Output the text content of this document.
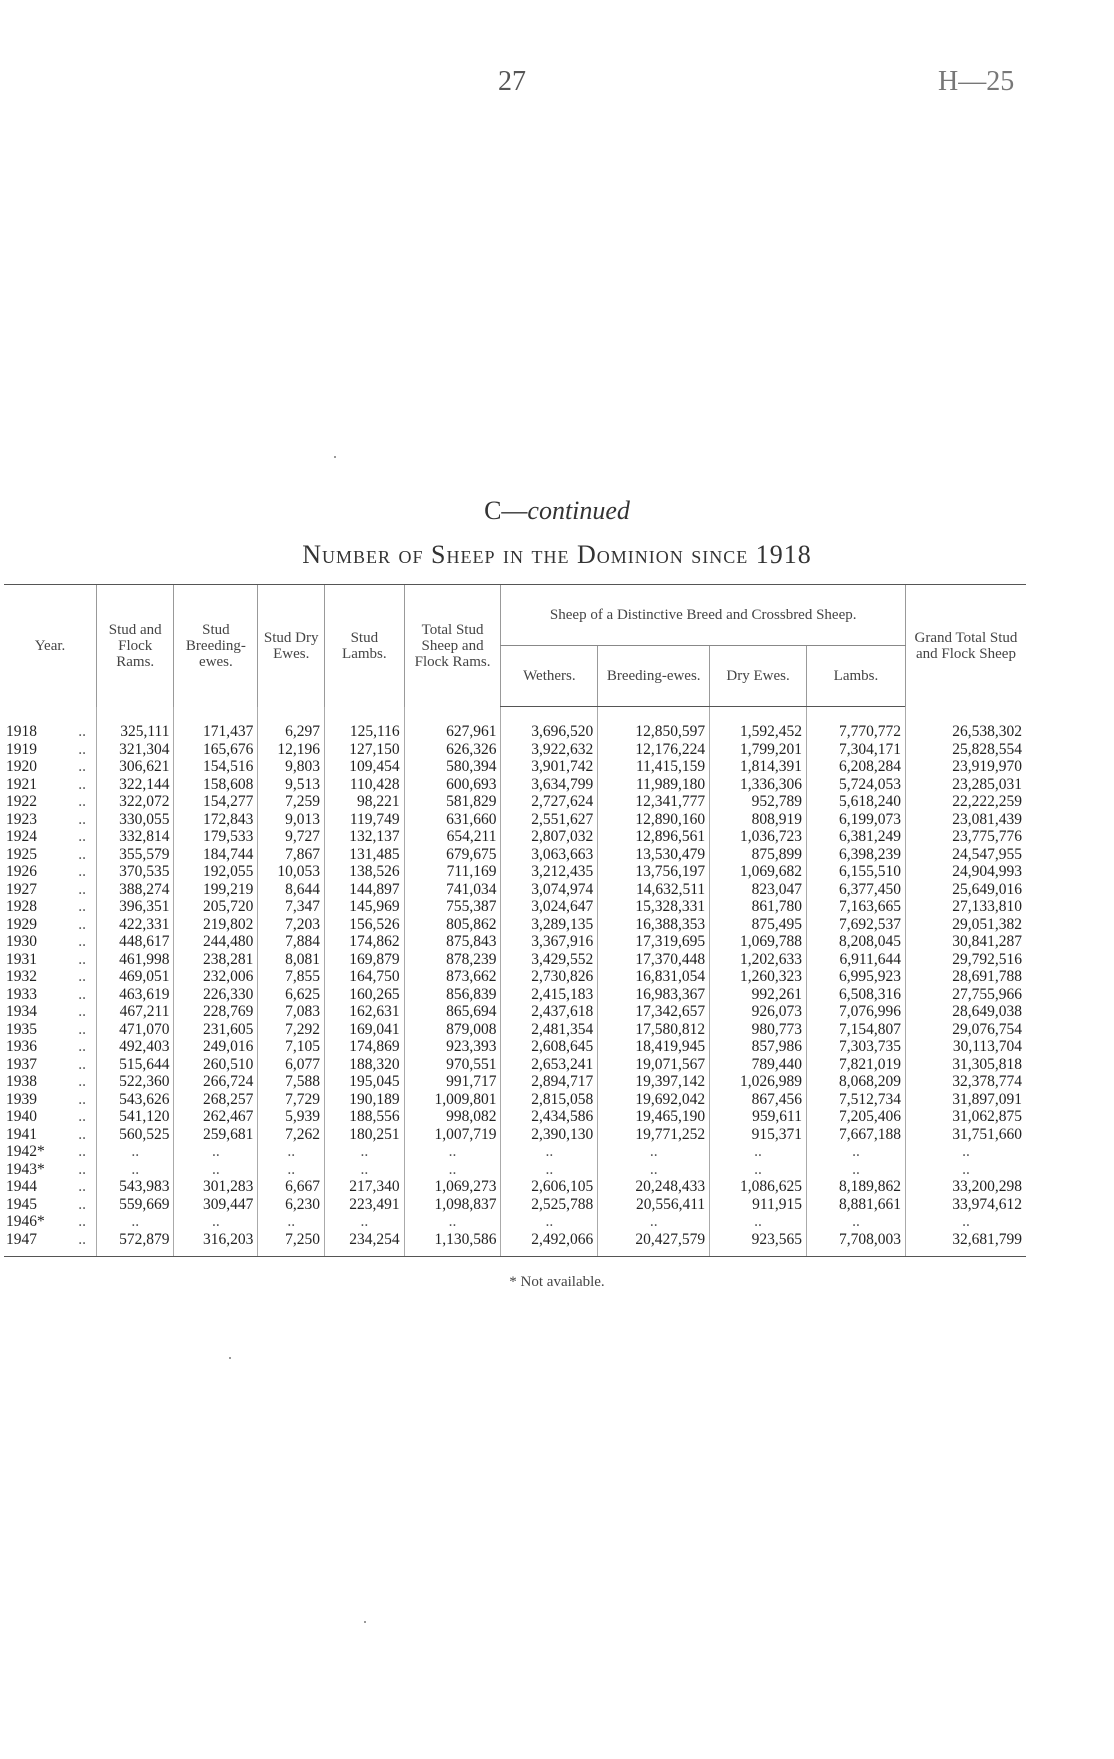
27	H—25
C—continued
Number of Sheep in the Dominion since 1918
Year.	Stud and Flock Rams.	Stud Breeding-ewes.	Stud Dry Ewes.	Stud Lambs.	Total Stud Sheep and Flock Rams.	Sheep of a Distinctive Breed and Crossbred Sheep.				Grand Total Stud and Flock Sheep
						Wethers.	Breeding-ewes.	Dry Ewes.	Lambs.	

1918 ..	325,111	171,437	6,297	125,116	627,961	3,696,520	12,850,597	1,592,452	7,770,772	26,538,302
1919 ..	321,304	165,676	12,196	127,150	626,326	3,922,632	12,176,224	1,799,201	7,304,171	25,828,554
1920 ..	306,621	154,516	9,803	109,454	580,394	3,901,742	11,415,159	1,814,391	6,208,284	23,919,970
1921 ..	322,144	158,608	9,513	110,428	600,693	3,634,799	11,989,180	1,336,306	5,724,053	23,285,031
1922 ..	322,072	154,277	7,259	98,221	581,829	2,727,624	12,341,777	952,789	5,618,240	22,222,259
1923 ..	330,055	172,843	9,013	119,749	631,660	2,551,627	12,890,160	808,919	6,199,073	23,081,439
1924 ..	332,814	179,533	9,727	132,137	654,211	2,807,032	12,896,561	1,036,723	6,381,249	23,775,776
1925 ..	355,579	184,744	7,867	131,485	679,675	3,063,663	13,530,479	875,899	6,398,239	24,547,955
1926 ..	370,535	192,055	10,053	138,526	711,169	3,212,435	13,756,197	1,069,682	6,155,510	24,904,993
1927 ..	388,274	199,219	8,644	144,897	741,034	3,074,974	14,632,511	823,047	6,377,450	25,649,016
1928 ..	396,351	205,720	7,347	145,969	755,387	3,024,647	15,328,331	861,780	7,163,665	27,133,810
1929 ..	422,331	219,802	7,203	156,526	805,862	3,289,135	16,388,353	875,495	7,692,537	29,051,382
1930 ..	448,617	244,480	7,884	174,862	875,843	3,367,916	17,319,695	1,069,788	8,208,045	30,841,287
1931 ..	461,998	238,281	8,081	169,879	878,239	3,429,552	17,370,448	1,202,633	6,911,644	29,792,516
1932 ..	469,051	232,006	7,855	164,750	873,662	2,730,826	16,831,054	1,260,323	6,995,923	28,691,788
1933 ..	463,619	226,330	6,625	160,265	856,839	2,415,183	16,983,367	992,261	6,508,316	27,755,966
1934 ..	467,211	228,769	7,083	162,631	865,694	2,437,618	17,342,657	926,073	7,076,996	28,649,038
1935 ..	471,070	231,605	7,292	169,041	879,008	2,481,354	17,580,812	980,773	7,154,807	29,076,754
1936 ..	492,403	249,016	7,105	174,869	923,393	2,608,645	18,419,945	857,986	7,303,735	30,113,704
1937 ..	515,644	260,510	6,077	188,320	970,551	2,653,241	19,071,567	789,440	7,821,019	31,305,818
1938 ..	522,360	266,724	7,588	195,045	991,717	2,894,717	19,397,142	1,026,989	8,068,209	32,378,774
1939 ..	543,626	268,257	7,729	190,189	1,009,801	2,815,058	19,692,042	867,456	7,512,734	31,897,091
1940 ..	541,120	262,467	5,939	188,556	998,082	2,434,586	19,465,190	959,611	7,205,406	31,062,875
1941 ..	560,525	259,681	7,262	180,251	1,007,719	2,390,130	19,771,252	915,371	7,667,188	31,751,660
1942* ..	..	..	..	..	..	..	..	..	..	..
1943* ..	..	..	..	..	..	..	..	..	..	..
1944 ..	543,983	301,283	6,667	217,340	1,069,273	2,606,105	20,248,433	1,086,625	8,189,862	33,200,298
1945 ..	559,669	309,447	6,230	223,491	1,098,837	2,525,788	20,556,411	911,915	8,881,661	33,974,612
1946* ..	..	..	..	..	..	..	..	..	..	..
1947 ..	572,879	316,203	7,250	234,254	1,130,586	2,492,066	20,427,579	923,565	7,708,003	32,681,799
* Not available.
